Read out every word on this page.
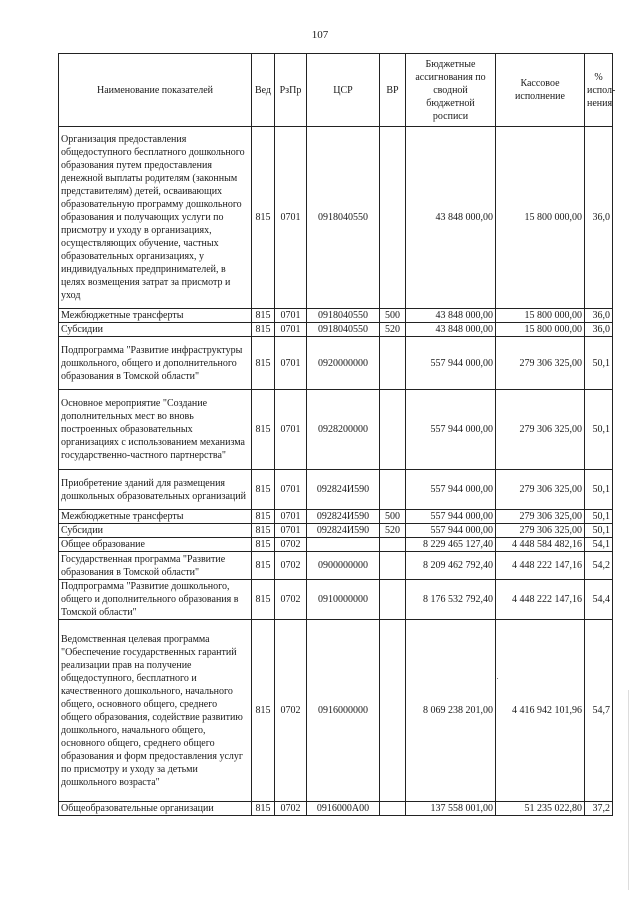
107
Наименование показателей	Вед	РзПр	ЦСР	ВР	Бюджетные ассигнования по сводной бюджетной росписи	Кассовое исполнение	% испол- нения
Организация предоставления общедоступного бесплатного дошкольного образования путем предоставления денежной выплаты родителям (законным представителям) детей, осваивающих образовательную программу дошкольного образования и получающих услуги по присмотру и уходу в организациях, осуществляющих обучение, частных образовательных организациях, у индивидуальных предпринимателей, в целях возмещения затрат за присмотр и уход	815	0701	0918040550		43 848 000,00	15 800 000,00	36,0
Межбюджетные трансферты	815	0701	0918040550	500	43 848 000,00	15 800 000,00	36,0
Субсидии	815	0701	0918040550	520	43 848 000,00	15 800 000,00	36,0
Подпрограмма "Развитие инфраструктуры дошкольного, общего и дополнительного образования в Томской области"	815	0701	0920000000		557 944 000,00	279 306 325,00	50,1
Основное мероприятие "Создание дополнительных мест во вновь построенных образовательных организациях с использованием механизма государственно-частного партнерства"	815	0701	0928200000		557 944 000,00	279 306 325,00	50,1
Приобретение зданий для размещения дошкольных образовательных организаций	815	0701	092824И590		557 944 000,00	279 306 325,00	50,1
Межбюджетные трансферты	815	0701	092824И590	500	557 944 000,00	279 306 325,00	50,1
Субсидии	815	0701	092824И590	520	557 944 000,00	279 306 325,00	50,1
Общее образование	815	0702			8 229 465 127,40	4 448 584 482,16	54,1
Государственная программа "Развитие образования в Томской области"	815	0702	0900000000		8 209 462 792,40	4 448 222 147,16	54,2
Подпрограмма "Развитие дошкольного, общего и дополнительного образования в Томской области"	815	0702	0910000000		8 176 532 792,40	4 448 222 147,16	54,4
Ведомственная целевая программа "Обеспечение государственных гарантий реализации прав на получение общедоступного, бесплатного и качественного дошкольного, начального общего, основного общего, среднего общего образования, содействие развитию дошкольного, начального общего, основного общего, среднего общего образования и форм предоставления услуг по присмотру и уходу за детьми дошкольного возраста"	815	0702	0916000000		8 069 238 201,00	4 416 942 101,96	54,7
Общеобразовательные организации	815	0702	0916000А00		137 558 001,00	51 235 022,80	37,2
